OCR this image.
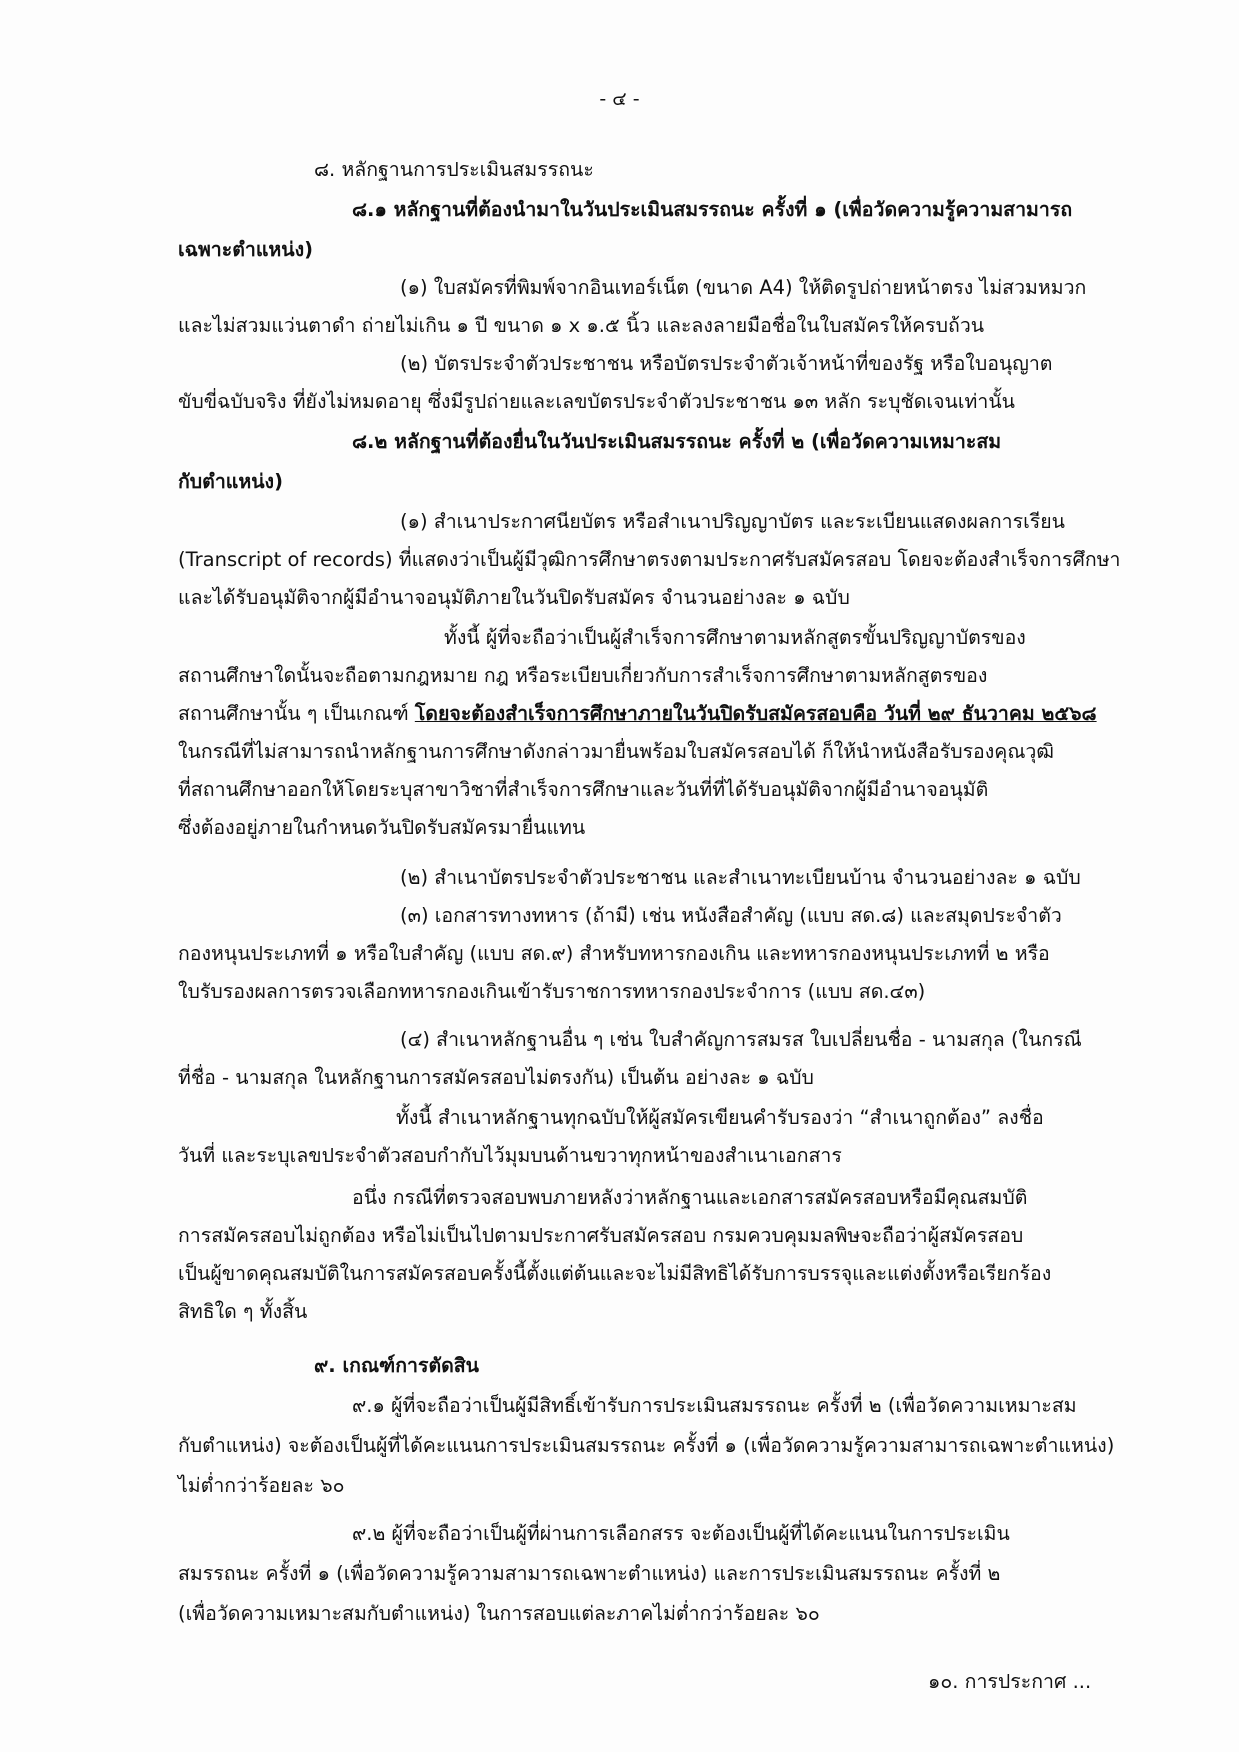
- ๔ -
๘. หลักฐานการประเมินสมรรถนะ
๘.๑ หลักฐานที่ต้องนำมาในวันประเมินสมรรถนะ ครั้งที่ ๑ (เพื่อวัดความรู้ความสามารถ
เฉพาะตำแหน่ง)
(๑) ใบสมัครที่พิมพ์จากอินเทอร์เน็ต (ขนาด A4) ให้ติดรูปถ่ายหน้าตรง ไม่สวมหมวก
และไม่สวมแว่นตาดำ ถ่ายไม่เกิน ๑ ปี ขนาด ๑ x ๑.๕ นิ้ว และลงลายมือชื่อในใบสมัครให้ครบถ้วน
(๒) บัตรประจำตัวประชาชน หรือบัตรประจำตัวเจ้าหน้าที่ของรัฐ หรือใบอนุญาต
ขับขี่ฉบับจริง ที่ยังไม่หมดอายุ ซึ่งมีรูปถ่ายและเลขบัตรประจำตัวประชาชน ๑๓ หลัก ระบุชัดเจนเท่านั้น
๘.๒ หลักฐานที่ต้องยื่นในวันประเมินสมรรถนะ ครั้งที่ ๒ (เพื่อวัดความเหมาะสม
กับตำแหน่ง)
(๑) สำเนาประกาศนียบัตร หรือสำเนาปริญญาบัตร และระเบียนแสดงผลการเรียน
(Transcript of records) ที่แสดงว่าเป็นผู้มีวุฒิการศึกษาตรงตามประกาศรับสมัครสอบ โดยจะต้องสำเร็จการศึกษา
และได้รับอนุมัติจากผู้มีอำนาจอนุมัติภายในวันปิดรับสมัคร จำนวนอย่างละ ๑ ฉบับ
ทั้งนี้ ผู้ที่จะถือว่าเป็นผู้สำเร็จการศึกษาตามหลักสูตรขั้นปริญญาบัตรของ
สถานศึกษาใดนั้นจะถือตามกฎหมาย กฎ หรือระเบียบเกี่ยวกับการสำเร็จการศึกษาตามหลักสูตรของ
สถานศึกษานั้น ๆ เป็นเกณฑ์ โดยจะต้องสำเร็จการศึกษาภายในวันปิดรับสมัครสอบคือ วันที่ ๒๙ ธันวาคม ๒๕๖๘
ในกรณีที่ไม่สามารถนำหลักฐานการศึกษาดังกล่าวมายื่นพร้อมใบสมัครสอบได้ ก็ให้นำหนังสือรับรองคุณวุฒิ
ที่สถานศึกษาออกให้โดยระบุสาขาวิชาที่สำเร็จการศึกษาและวันที่ที่ได้รับอนุมัติจากผู้มีอำนาจอนุมัติ
ซึ่งต้องอยู่ภายในกำหนดวันปิดรับสมัครมายื่นแทน
(๒) สำเนาบัตรประจำตัวประชาชน และสำเนาทะเบียนบ้าน จำนวนอย่างละ ๑ ฉบับ
(๓) เอกสารทางทหาร (ถ้ามี) เช่น หนังสือสำคัญ (แบบ สด.๘) และสมุดประจำตัว
กองหนุนประเภทที่ ๑ หรือใบสำคัญ (แบบ สด.๙) สำหรับทหารกองเกิน และทหารกองหนุนประเภทที่ ๒ หรือ
ใบรับรองผลการตรวจเลือกทหารกองเกินเข้ารับราชการทหารกองประจำการ (แบบ สด.๔๓)
(๔) สำเนาหลักฐานอื่น ๆ เช่น ใบสำคัญการสมรส ใบเปลี่ยนชื่อ - นามสกุล (ในกรณี
ที่ชื่อ - นามสกุล ในหลักฐานการสมัครสอบไม่ตรงกัน) เป็นต้น อย่างละ ๑ ฉบับ
ทั้งนี้ สำเนาหลักฐานทุกฉบับให้ผู้สมัครเขียนคำรับรองว่า “สำเนาถูกต้อง” ลงชื่อ
วันที่ และระบุเลขประจำตัวสอบกำกับไว้มุมบนด้านขวาทุกหน้าของสำเนาเอกสาร
อนึ่ง กรณีที่ตรวจสอบพบภายหลังว่าหลักฐานและเอกสารสมัครสอบหรือมีคุณสมบัติ
การสมัครสอบไม่ถูกต้อง หรือไม่เป็นไปตามประกาศรับสมัครสอบ กรมควบคุมมลพิษจะถือว่าผู้สมัครสอบ
เป็นผู้ขาดคุณสมบัติในการสมัครสอบครั้งนี้ตั้งแต่ต้นและจะไม่มีสิทธิได้รับการบรรจุและแต่งตั้งหรือเรียกร้อง
สิทธิใด ๆ ทั้งสิ้น
๙. เกณฑ์การตัดสิน
๙.๑ ผู้ที่จะถือว่าเป็นผู้มีสิทธิ์เข้ารับการประเมินสมรรถนะ ครั้งที่ ๒ (เพื่อวัดความเหมาะสม
กับตำแหน่ง) จะต้องเป็นผู้ที่ได้คะแนนการประเมินสมรรถนะ ครั้งที่ ๑ (เพื่อวัดความรู้ความสามารถเฉพาะตำแหน่ง)
ไม่ต่ำกว่าร้อยละ ๖๐
๙.๒ ผู้ที่จะถือว่าเป็นผู้ที่ผ่านการเลือกสรร จะต้องเป็นผู้ที่ได้คะแนนในการประเมิน
สมรรถนะ ครั้งที่ ๑ (เพื่อวัดความรู้ความสามารถเฉพาะตำแหน่ง) และการประเมินสมรรถนะ ครั้งที่ ๒
(เพื่อวัดความเหมาะสมกับตำแหน่ง) ในการสอบแต่ละภาคไม่ต่ำกว่าร้อยละ ๖๐
๑๐. การประกาศ ...
